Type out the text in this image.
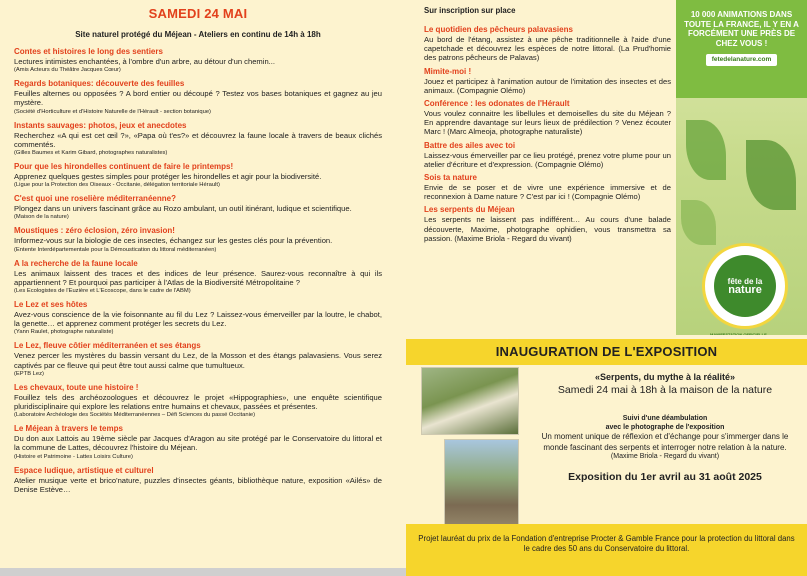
SAMEDI 24 MAI
Site naturel protégé du Méjean - Ateliers en continu de 14h à 18h
Contes et histoires le long des sentiers
Lectures intimistes enchantées, à l'ombre d'un arbre, au détour d'un chemin...
(Amis Acteurs du Théâtre Jacques Cœur)
Regards botaniques: découverte des feuilles
Feuilles alternes ou opposées ? A bord entier ou découpé ? Testez vos bases botaniques et gagnez au jeu mystère.
(Société d'Horticulture et d'Histoire Naturelle de l'Hérault - section botanique)
Instants sauvages: photos, jeux et anecdotes
Recherchez «A qui est cet œil ?», «Papa où t'es?» et découvrez la faune locale à travers de beaux clichés commentés.
(Gilles Baumes et Karim Gibard, photographes naturalistes)
Pour que les hirondelles continuent de faire le printemps!
Apprenez quelques gestes simples pour protéger les hirondelles et agir pour la biodiversité.
(Ligue pour la Protection des Oiseaux - Occitanie, délégation territoriale Hérault)
C'est quoi une roselière méditerranéenne?
Plongez dans un univers fascinant grâce au Rozo ambulant, un outil itinérant, ludique et scientifique.
(Maison de la nature)
Moustiques : zéro éclosion, zéro invasion!
Informez-vous sur la biologie de ces insectes, échangez sur les gestes clés pour la prévention.
(Entente Interdépartementale pour la Démoustication du littoral méditerranéen)
A la recherche de la faune locale
Les animaux laissent des traces et des indices de leur présence. Saurez-vous reconnaître à qui ils appartiennent ? Et pourquoi pas participer à l'Atlas de la Biodiversité Métropolitaine ?
(Les Ecologistes de l'Euzière et L'Ecoscope, dans le cadre de l'ABM)
Le Lez et ses hôtes
Avez-vous conscience de la vie foisonnante au fil du Lez ? Laissez-vous émerveiller par la loutre, le chabot, la genette… et apprenez comment protéger les secrets du Lez.
(Yann Raulet, photographe naturaliste)
Le Lez, fleuve côtier méditerranéen et ses étangs
Venez percer les mystères du bassin versant du Lez, de la Mosson et des étangs palavasiens. Vous serez captivés par ce fleuve qui peut être tout aussi calme que tumultueux.
(EPTB Lez)
Les chevaux, toute une histoire !
Fouillez tels des archéozoologues et découvrez le projet «Hippographies», une enquête scientifique pluridisciplinaire qui explore les relations entre humains et chevaux, passées et présentes.
(Laboratoire Archéologie des Sociétés Méditerranéennes – Défi Sciences du passé Occitanie)
Le Méjean à travers le temps
Du don aux Lattois au 19ème siècle par Jacques d'Aragon au site protégé par le Conservatoire du littoral et la commune de Lattes, découvrez l'histoire du Méjean.
(Histoire et Patrimoine - Lattes Loisirs Culture)
Espace ludique, artistique et culturel
Atelier musique verte et brico'nature, puzzles d'insectes géants, bibliothèque nature, exposition «Ailés» de Denise Estève…
Sur inscription sur place
Le quotidien des pêcheurs palavasiens
Au bord de l'étang, assistez à une pêche traditionnelle à l'aide d'une capetchade et découvrez les espèces de notre littoral. (La Prud'homie des patrons pêcheurs de Palavas)
Mimite-moi !
Jouez et participez à l'animation autour de l'imitation des insectes et des animaux. (Compagnie Olémo)
Conférence : les odonates de l'Hérault
Vous voulez connaitre les libellules et demoiselles du site du Méjean ? En apprendre davantage sur leurs lieux de prédilection ? Venez écouter Marc ! (Marc Almeoja, photographe naturaliste)
Battre des ailes avec toi
Laissez-vous émerveiller par ce lieu protégé, prenez votre plume pour un atelier d'écriture et d'expression. (Compagnie Olémo)
Sois ta nature
Envie de se poser et de vivre une expérience immersive et de reconnexion à Dame nature ? C'est par ici ! (Compagnie Olémo)
Les serpents du Méjean
Les serpents ne laissent pas indifférent… Au cours d'une balade découverte, Maxime, photographe ophidien, vous transmettra sa passion. (Maxime Briola - Regard du vivant)
10 000 ANIMATIONS DANS TOUTE LA FRANCE, IL Y EN A FORCÉMENT UNE PRÈS DE CHEZ VOUS !
fetedelanature.com
fête de la
nature
MANIFESTATION OFFICIELLE
INAUGURATION DE L'EXPOSITION
«Serpents, du mythe à la réalité»
Samedi 24 mai à 18h à la maison de la nature
Suivi d'une déambulation
avec le photographe de l'exposition
Un moment unique de réflexion et d'échange pour s'immerger dans le monde fascinant des serpents et interroger notre relation à la nature.
(Maxime Briola - Regard du vivant)
Exposition du 1er avril au 31 août 2025
Projet lauréat du prix de la Fondation d'entreprise Procter & Gamble France pour la protection du littoral dans le cadre des 50 ans du Conservatoire du littoral.
